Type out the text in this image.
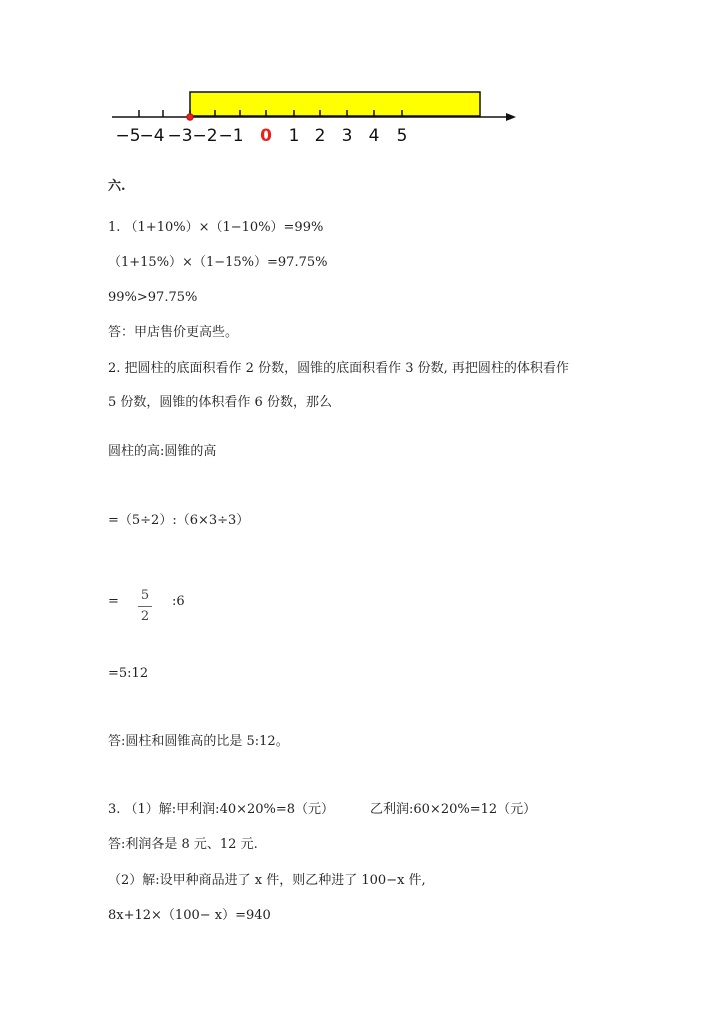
−5
−4 −3 −2 −1 0 1 2 3 4 5
六.
1. （1+10%）×（1−10%）=99%
（1+15%）×（1−15%）=97.75%
99%>97.75%
答：甲店售价更高些。
2. 把圆柱的底面积看作 2 份数，圆锥的底面积看作 3 份数, 再把圆柱的体积看作
5 份数，圆锥的体积看作 6 份数，那么
圆柱的高:圆锥的高
=（5÷2）:（6×3÷3）
= 5
2
:6
=5:12
答:圆柱和圆锥高的比是 5:12。
3. （1）解:甲利润:40×20%=8（元）	乙利润:60×20%=12（元）
答:利润各是 8 元、12 元.
（2）解:设甲种商品进了 x 件，则乙种进了 100−x 件,
8x+12×（100− x）=940
